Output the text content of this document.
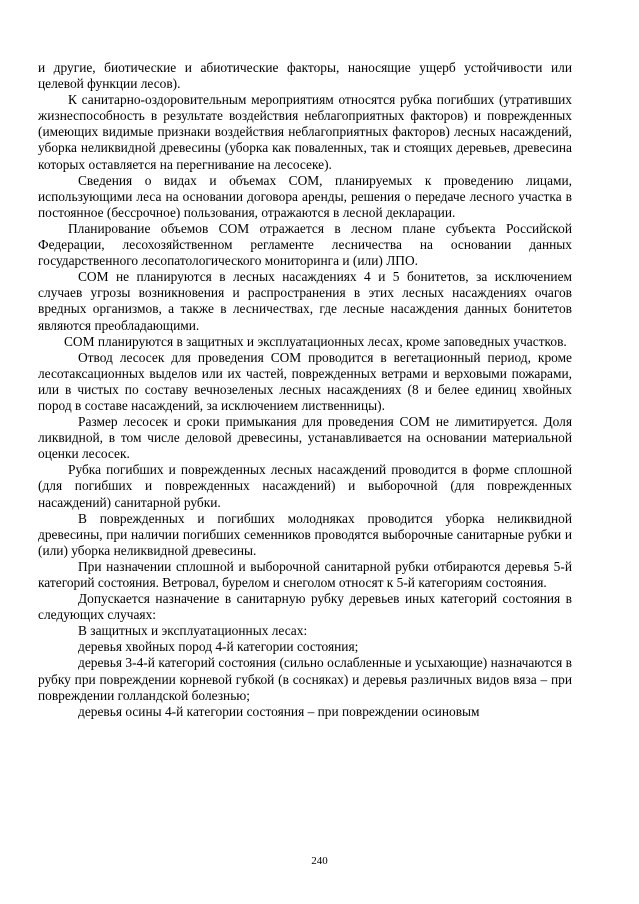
и другие, биотические и абиотические факторы, наносящие ущерб устойчивости или целевой функции лесов).

К санитарно-оздоровительным мероприятиям относятся рубка погибших (утративших жизнеспособность в результате воздействия неблагоприятных факторов) и поврежденных (имеющих видимые признаки воздействия неблагоприятных факторов) лесных насаждений, уборка неликвидной древесины (уборка как поваленных, так и стоящих деревьев, древесина которых оставляется на перегнивание на лесосеке).

Сведения о видах и объемах СОМ, планируемых к проведению лицами, использующими леса на основании договора аренды, решения о передаче лесного участка в постоянное (бессрочное) пользования, отражаются в лесной декларации.

Планирование объемов СОМ отражается в лесном плане субъекта Российской Федерации, лесохозяйственном регламенте лесничества на основании данных государственного лесопатологического мониторинга и (или) ЛПО.

СОМ не планируются в лесных насаждениях 4 и 5 бонитетов, за исключением случаев угрозы возникновения и распространения в этих лесных насаждениях очагов вредных организмов, а также в лесничествах, где лесные насаждения данных бонитетов являются преобладающими.

СОМ планируются в защитных и эксплуатационных лесах, кроме заповедных участков.

Отвод лесосек для проведения СОМ проводится в вегетационный период, кроме лесотаксационных выделов или их частей, поврежденных ветрами и верховыми пожарами, или в чистых по составу вечнозеленых лесных насаждениях (8 и белее единиц хвойных пород в составе насаждений, за исключением лиственницы).

Размер лесосек и сроки примыкания для проведения СОМ не лимитируется. Доля ликвидной, в том числе деловой древесины, устанавливается на основании материальной оценки лесосек.

Рубка погибших и поврежденных лесных насаждений проводится в форме сплошной (для погибших и поврежденных насаждений) и выборочной (для поврежденных насаждений) санитарной рубки.

В поврежденных и погибших молодняках проводится уборка неликвидной древесины, при наличии погибших семенников проводятся выборочные санитарные рубки и (или) уборка неликвидной древесины.

При назначении сплошной и выборочной санитарной рубки отбираются деревья 5-й категорий состояния. Ветровал, бурелом и снеголом относят к 5-й категориям состояния.

Допускается назначение в санитарную рубку деревьев иных категорий состояния в следующих случаях:

В защитных и эксплуатационных лесах:

деревья хвойных пород 4-й категории состояния;

деревья 3-4-й категорий состояния (сильно ослабленные и усыхающие) назначаются в рубку при повреждении корневой губкой (в сосняках) и деревья различных видов вяза – при повреждении голландской болезнью;

деревья осины 4-й категории состояния – при повреждении осиновым

240
